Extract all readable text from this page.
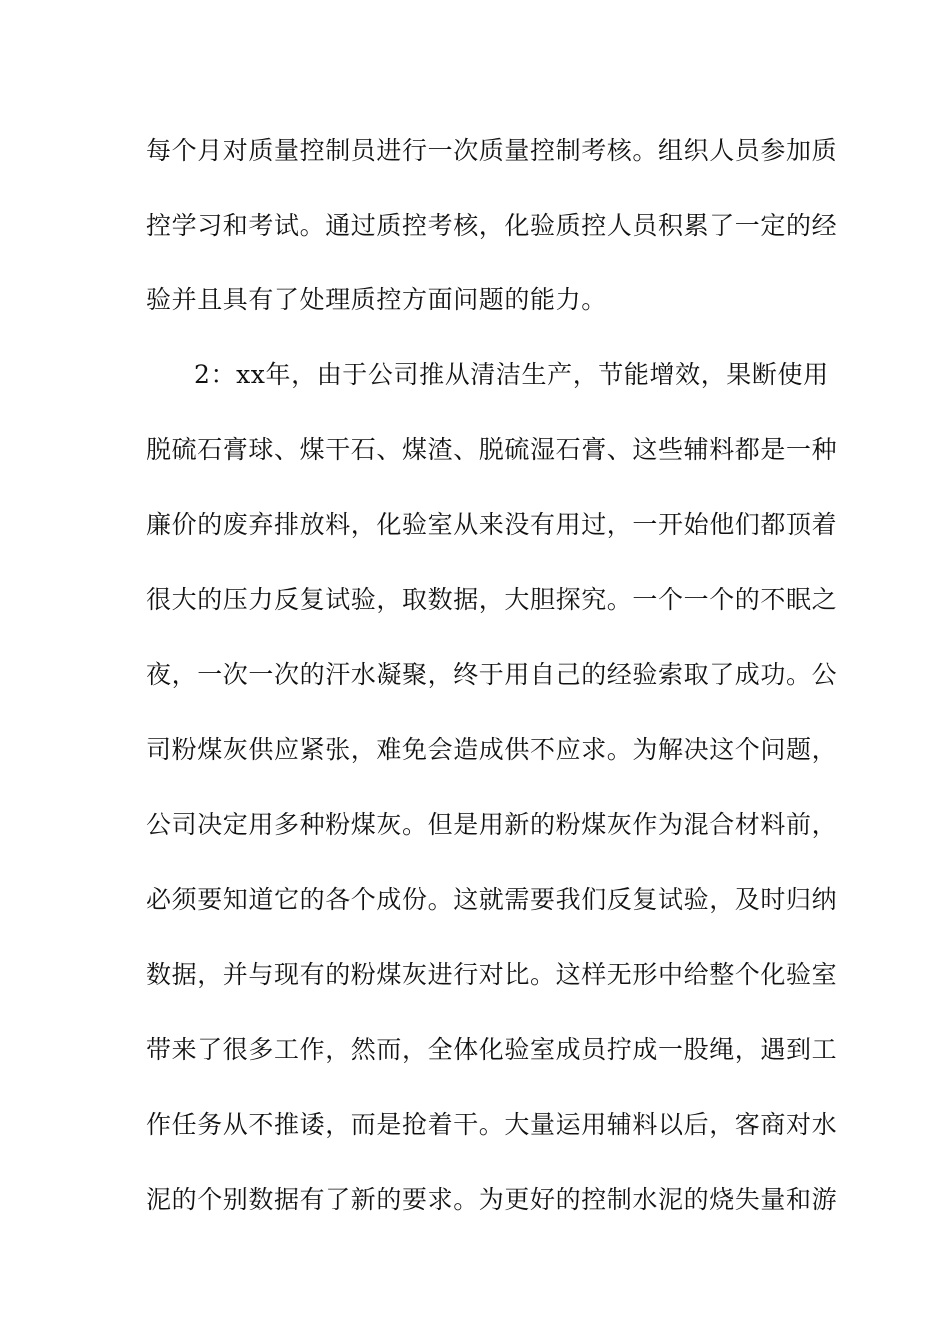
每个月对质量控制员进行一次质量控制考核。组织人员参加质
控学习和考试。通过质控考核，化验质控人员积累了一定的经
验并且具有了处理质控方面问题的能力。
2：xx年，由于公司推从清洁生产，节能增效，果断使用
脱硫石膏球、煤干石、煤渣、脱硫湿石膏、这些辅料都是一种
廉价的废弃排放料，化验室从来没有用过，一开始他们都顶着
很大的压力反复试验，取数据，大胆探究。一个一个的不眠之
夜，一次一次的汗水凝聚，终于用自己的经验索取了成功。公
司粉煤灰供应紧张，难免会造成供不应求。为解决这个问题，
公司决定用多种粉煤灰。但是用新的粉煤灰作为混合材料前，
必须要知道它的各个成份。这就需要我们反复试验，及时归纳
数据，并与现有的粉煤灰进行对比。这样无形中给整个化验室
带来了很多工作，然而，全体化验室成员拧成一股绳，遇到工
作任务从不推诿，而是抢着干。大量运用辅料以后，客商对水
泥的个别数据有了新的要求。为更好的控制水泥的烧失量和游
